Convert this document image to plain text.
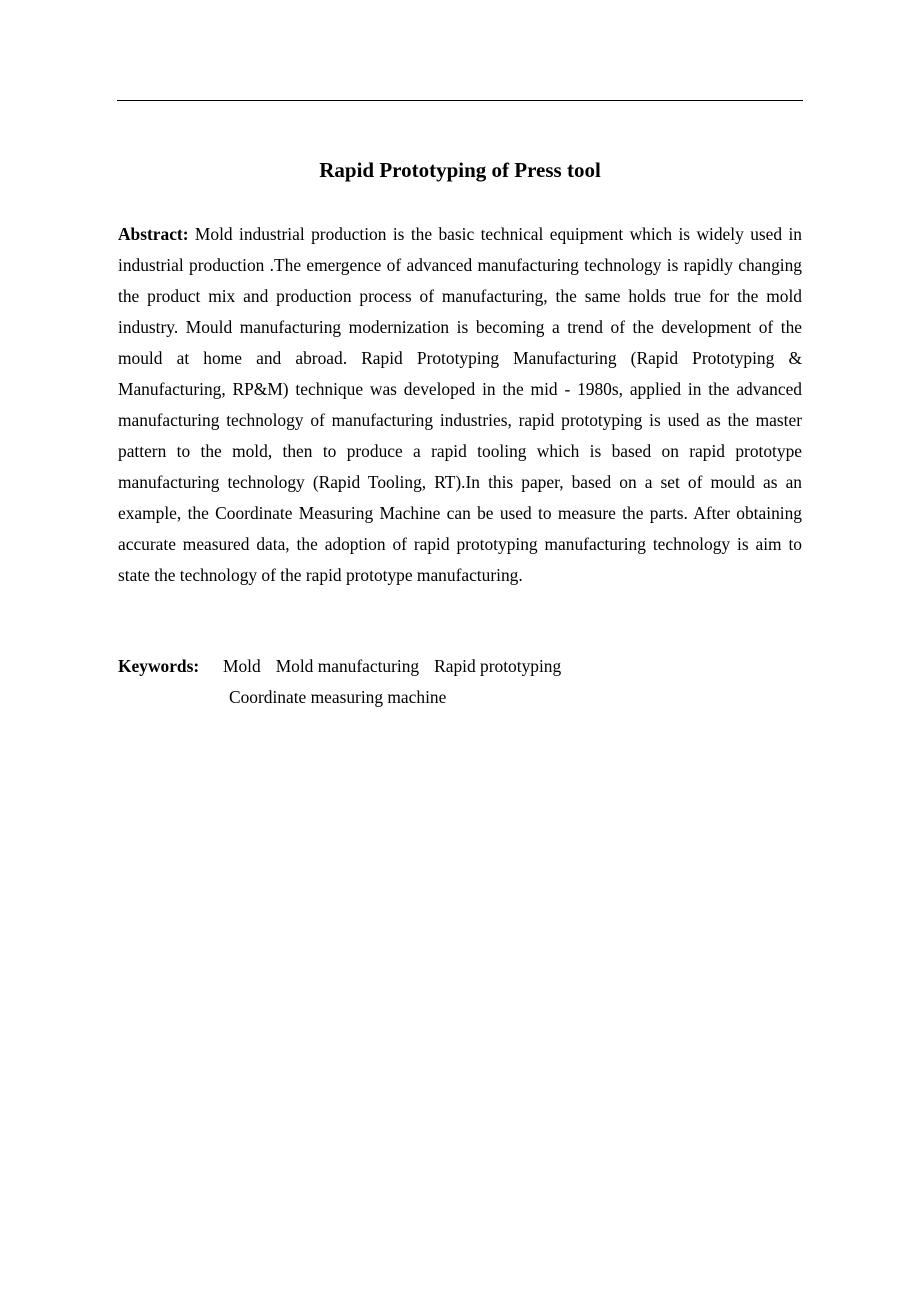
Rapid Prototyping of Press tool

Abstract: Mold industrial production is the basic technical equipment which is widely used in industrial production .The emergence of advanced manufacturing technology is rapidly changing the product mix and production process of manufacturing, the same holds true for the mold industry. Mould manufacturing modernization is becoming a trend of the development of the mould at home and abroad. Rapid Prototyping Manufacturing (Rapid Prototyping & Manufacturing, RP&M) technique was developed in the mid - 1980s, applied in the advanced manufacturing technology of manufacturing industries, rapid prototyping is used as the master pattern to the mold, then to produce a rapid tooling which is based on rapid prototype manufacturing technology (Rapid Tooling, RT).In this paper, based on a set of mould as an example, the Coordinate Measuring Machine can be used to measure the parts. After obtaining accurate measured data, the adoption of rapid prototyping manufacturing technology is aim to state the technology of the rapid prototype manufacturing.

Keywords: Mold Mold manufacturing Rapid prototyping
Coordinate measuring machine
